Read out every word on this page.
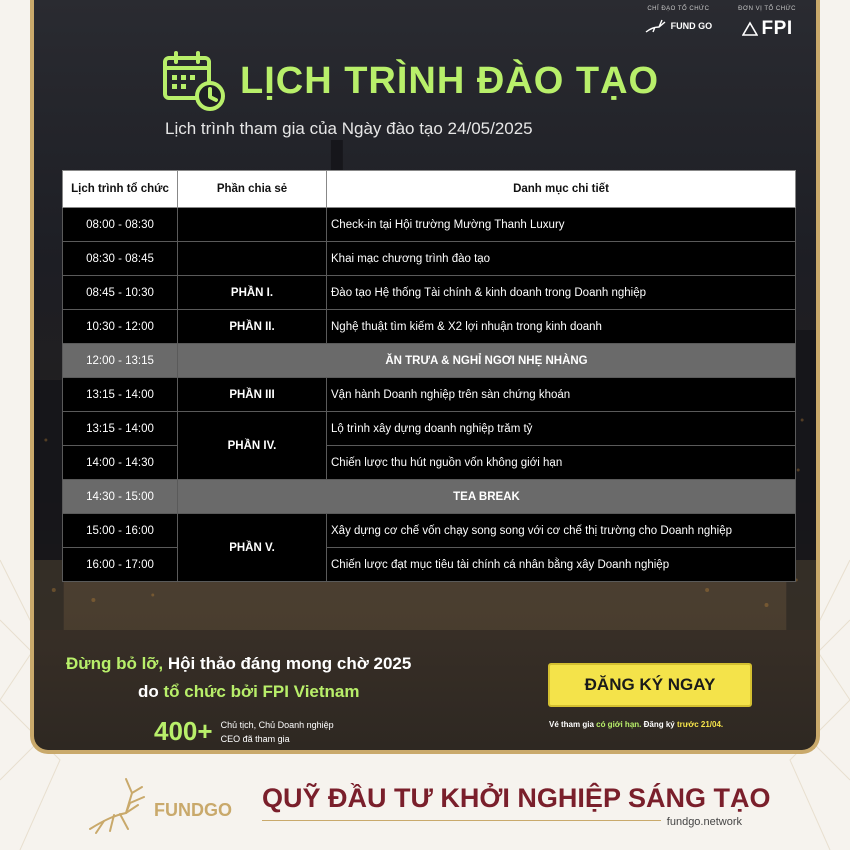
CHỈ ĐẠO TỔ CHỨC
FUND GO
ĐƠN VỊ TỔ CHỨC
FPI
LỊCH TRÌNH ĐÀO TẠO
Lịch trình tham gia của Ngày đào tạo 24/05/2025
Lịch trình tổ chức	Phần chia sẻ	Danh mục chi tiết
08:00 - 08:30		Check-in tại Hội trường Mường Thanh Luxury
08:30 - 08:45		Khai mạc chương trình đào tạo
08:45 - 10:30	PHẦN I.	Đào tạo Hệ thống Tài chính & kinh doanh trong Doanh nghiệp
10:30 - 12:00	PHẦN II.	Nghệ thuật tìm kiếm & X2 lợi nhuận trong kinh doanh
12:00 - 13:15	ĂN TRƯA & NGHỈ NGƠI NHẸ NHÀNG	
13:15 - 14:00	PHẦN III	Vận hành Doanh nghiệp trên sàn chứng khoán
13:15 - 14:00	PHẦN IV.	Lộ trình xây dựng doanh nghiệp trăm tỷ
14:00 - 14:30		Chiến lược thu hút nguồn vốn không giới hạn
14:30 - 15:00	TEA BREAK	
15:00 - 16:00	PHẦN V.	Xây dựng cơ chế vốn chạy song song với cơ chế thị trường cho Doanh nghiệp
16:00 - 17:00		Chiến lược đạt mục tiêu tài chính cá nhân bằng xây Doanh nghiệp
Đừng bỏ lỡ, Hội thảo đáng mong chờ 2025
do tổ chức bởi FPI Vietnam
400+ Chủ tịch, Chủ Doanh nghiệp
CEO đã tham gia
ĐĂNG KÝ NGAY
Vé tham gia có giới hạn. Đăng ký trước 21/04.
FUNDGO QUỸ ĐẦU TƯ KHỞI NGHIỆP SÁNG TẠO
fundgo.network
